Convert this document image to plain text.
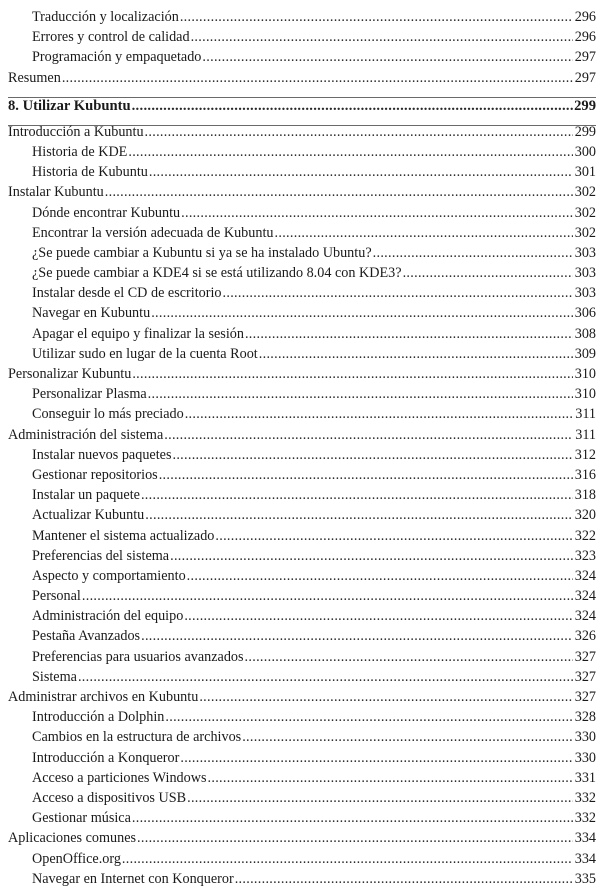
Traducción y localización .....	296
Errores y control de calidad .....	296
Programación y empaquetado .....	297
Resumen .....	297
8. Utilizar Kubuntu .....	299
Introducción a Kubuntu .....	299
Historia de KDE .....	300
Historia de Kubuntu .....	301
Instalar Kubuntu .....	302
Dónde encontrar Kubuntu .....	302
Encontrar la versión adecuada de Kubuntu .....	302
¿Se puede cambiar a Kubuntu si ya se ha instalado Ubuntu? .....	303
¿Se puede cambiar a KDE4 si se está utilizando 8.04 con KDE3? .....	303
Instalar desde el CD de escritorio .....	303
Navegar en Kubuntu .....	306
Apagar el equipo y finalizar la sesión .....	308
Utilizar sudo en lugar de la cuenta Root .....	309
Personalizar Kubuntu .....	310
Personalizar Plasma .....	310
Conseguir lo más preciado .....	311
Administración del sistema .....	311
Instalar nuevos paquetes .....	312
Gestionar repositorios .....	316
Instalar un paquete .....	318
Actualizar Kubuntu .....	320
Mantener el sistema actualizado .....	322
Preferencias del sistema .....	323
Aspecto y comportamiento .....	324
Personal .....	324
Administración del equipo .....	324
Pestaña Avanzados .....	326
Preferencias para usuarios avanzados .....	327
Sistema .....	327
Administrar archivos en Kubuntu .....	327
Introducción a Dolphin .....	328
Cambios en la estructura de archivos .....	330
Introducción a Konqueror .....	330
Acceso a particiones Windows .....	331
Acceso a dispositivos USB .....	332
Gestionar música .....	332
Aplicaciones comunes .....	334
OpenOffice.org .....	334
Navegar en Internet con Konqueror .....	335
